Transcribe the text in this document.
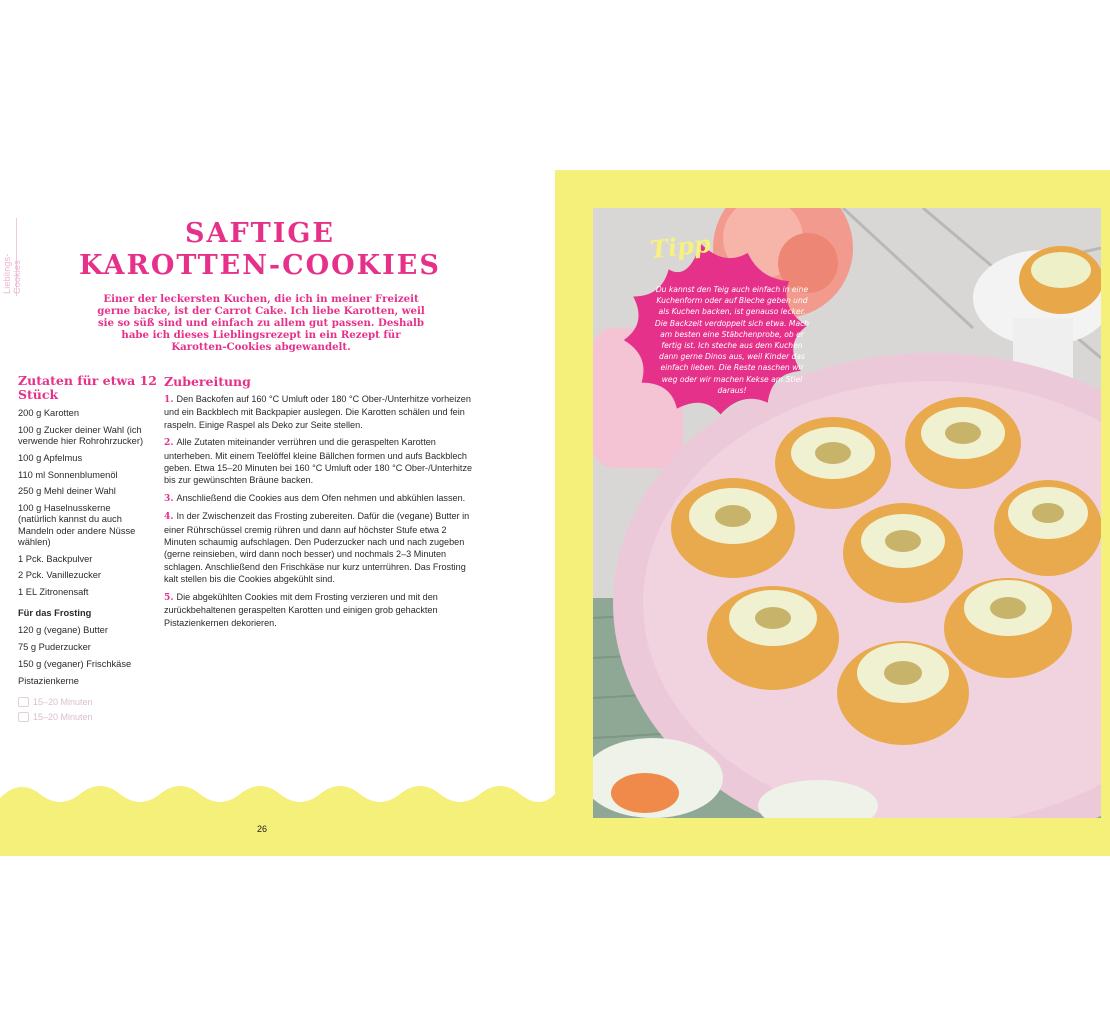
Lieblings-Cookies
SAFTIGE
KAROTTEN-COOKIES

Einer der leckersten Kuchen, die ich in meiner Freizeit gerne backe, ist der Carrot Cake. Ich liebe Karotten, weil sie so süß sind und einfach zu allem gut passen. Deshalb habe ich dieses Lieblingsrezept in ein Rezept für Karotten-Cookies abgewandelt.

Zutaten für etwa 12 Stück
200 g Karotten
100 g Zucker deiner Wahl (ich verwende hier Rohrohrzucker)
100 g Apfelmus
110 ml Sonnenblumenöl
250 g Mehl deiner Wahl
100 g Haselnusskerne (natürlich kannst du auch Mandeln oder andere Nüsse wählen)
1 Pck. Backpulver
2 Pck. Vanillezucker
1 EL Zitronensaft
Für das Frosting
120 g (vegane) Butter
75 g Puderzucker
150 g (veganer) Frischkäse
Pistazienkerne
15–20 Minuten
15–20 Minuten
Zubereitung
1. Den Backofen auf 160 °C Umluft oder 180 °C Ober-/Unterhitze vorheizen und ein Backblech mit Backpapier auslegen. Die Karotten schälen und fein raspeln. Einige Raspel als Deko zur Seite stellen.
2. Alle Zutaten miteinander verrühren und die geraspelten Karotten unterheben. Mit einem Teelöffel kleine Bällchen formen und aufs Backblech geben. Etwa 15–20 Minuten bei 160 °C Umluft oder 180 °C Ober-/Unterhitze bis zur gewünschten Bräune backen.
3. Anschließend die Cookies aus dem Ofen nehmen und abkühlen lassen.
4. In der Zwischenzeit das Frosting zubereiten. Dafür die (vegane) Butter in einer Rührschüssel cremig rühren und dann auf höchster Stufe etwa 2 Minuten schaumig aufschlagen. Den Puderzucker nach und nach zugeben (gerne reinsieben, wird dann noch besser) und nochmals 2–3 Minuten schlagen. Anschließend den Frischkäse nur kurz unterrühren. Das Frosting kalt stellen bis die Cookies abgekühlt sind.
5. Die abgekühlten Cookies mit dem Frosting verzieren und mit den zurückbehaltenen geraspelten Karotten und einigen grob gehackten Pistazienkernen dekorieren.
26
Tipp

Du kannst den Teig auch einfach in eine Kuchenform oder auf Bleche geben und als Kuchen backen, ist genauso lecker. Die Backzeit verdoppelt sich etwa. Mach am besten eine Stäbchenprobe, ob er fertig ist. Ich steche aus dem Kuchen dann gerne Dinos aus, weil Kinder das einfach lieben. Die Reste naschen wir weg oder wir machen Kekse am Stiel daraus!
